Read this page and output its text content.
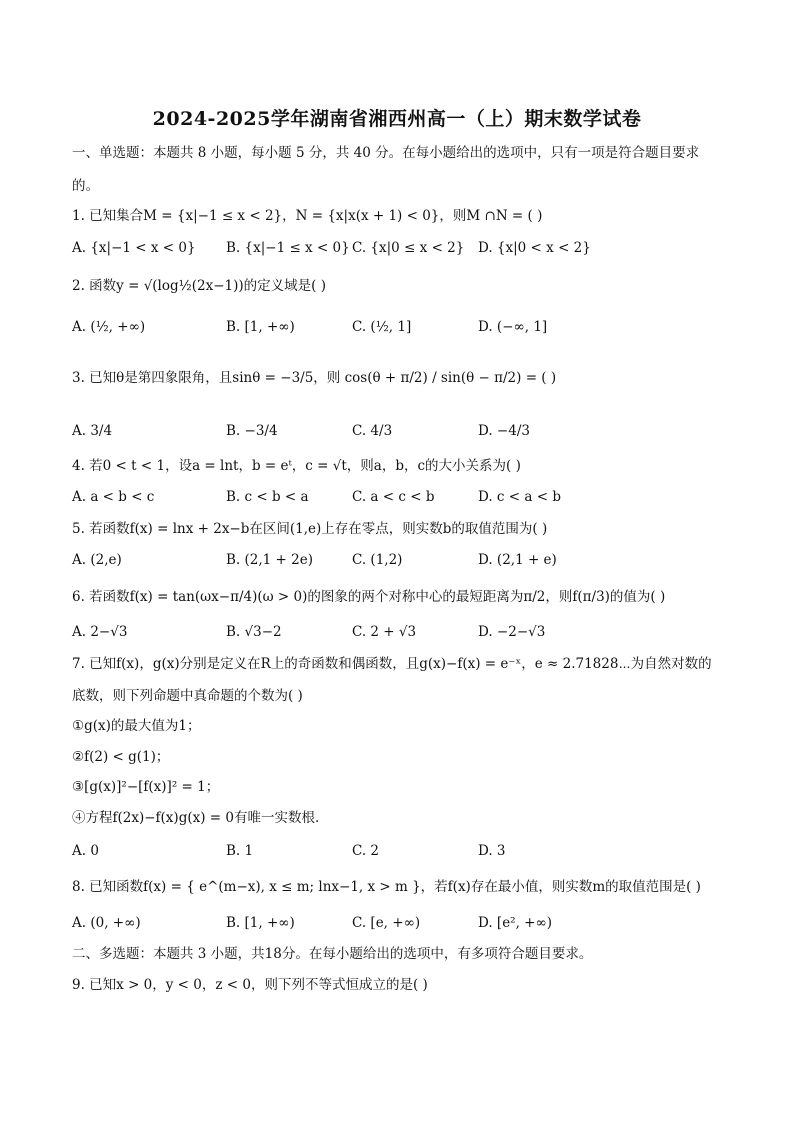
2024-2025学年湖南省湘西州高一（上）期末数学试卷
一、单选题：本题共 8 小题，每小题 5 分，共 40 分。在每小题给出的选项中，只有一项是符合题目要求
的。
1. 已知集合M = {x|−1 ≤ x < 2}，N = {x|x(x + 1) < 0}，则M ∩N = ( )
A. {x|−1 < x < 0} B. {x|−1 ≤ x < 0} C. {x|0 ≤ x < 2} D. {x|0 < x < 2}
2. 函数y = √(log½(2x−1))的定义域是( )
A. (½, +∞)	B. [1, +∞)	C. (½, 1]	D. (−∞, 1]
3. 已知θ是第四象限角，且sinθ = −3/5，则 cos(θ + π/2) / sin(θ − π/2) = ( )
A. 3/4	B. −3/4	C. 4/3	D. −4/3
4. 若0 < t < 1，设a = lnt，b = eᵗ，c = √t，则a，b，c的大小关系为( )
A. a < b < c	B. c < b < a	C. a < c < b	D. c < a < b
5. 若函数f(x) = lnx + 2x−b在区间(1,e)上存在零点，则实数b的取值范围为( )
A. (2,e)	B. (2,1 + 2e)	C. (1,2)	D. (2,1 + e)
6. 若函数f(x) = tan(ωx−π/4)(ω > 0)的图象的两个对称中心的最短距离为π/2，则f(π/3)的值为( )
A. 2−√3	B. √3−2	C. 2 + √3	D. −2−√3
7. 已知f(x)，g(x)分别是定义在R上的奇函数和偶函数，且g(x)−f(x) = e⁻ˣ，e ≈ 2.71828⋯为自然对数的
底数，则下列命题中真命题的个数为( )
①g(x)的最大值为1；
②f(2) < g(1)；
③[g(x)]²−[f(x)]² = 1；
④方程f(2x)−f(x)g(x) = 0有唯一实数根．
A. 0	B. 1	C. 2	D. 3
8. 已知函数f(x) = { e^(m−x), x ≤ m; lnx−1, x > m }，若f(x)存在最小值，则实数m的取值范围是( )
A. (0, +∞)	B. [1, +∞)	C. [e, +∞)	D. [e², +∞)
二、多选题：本题共 3 小题，共18分。在每小题给出的选项中，有多项符合题目要求。
9. 已知x > 0，y < 0，z < 0，则下列不等式恒成立的是( )
